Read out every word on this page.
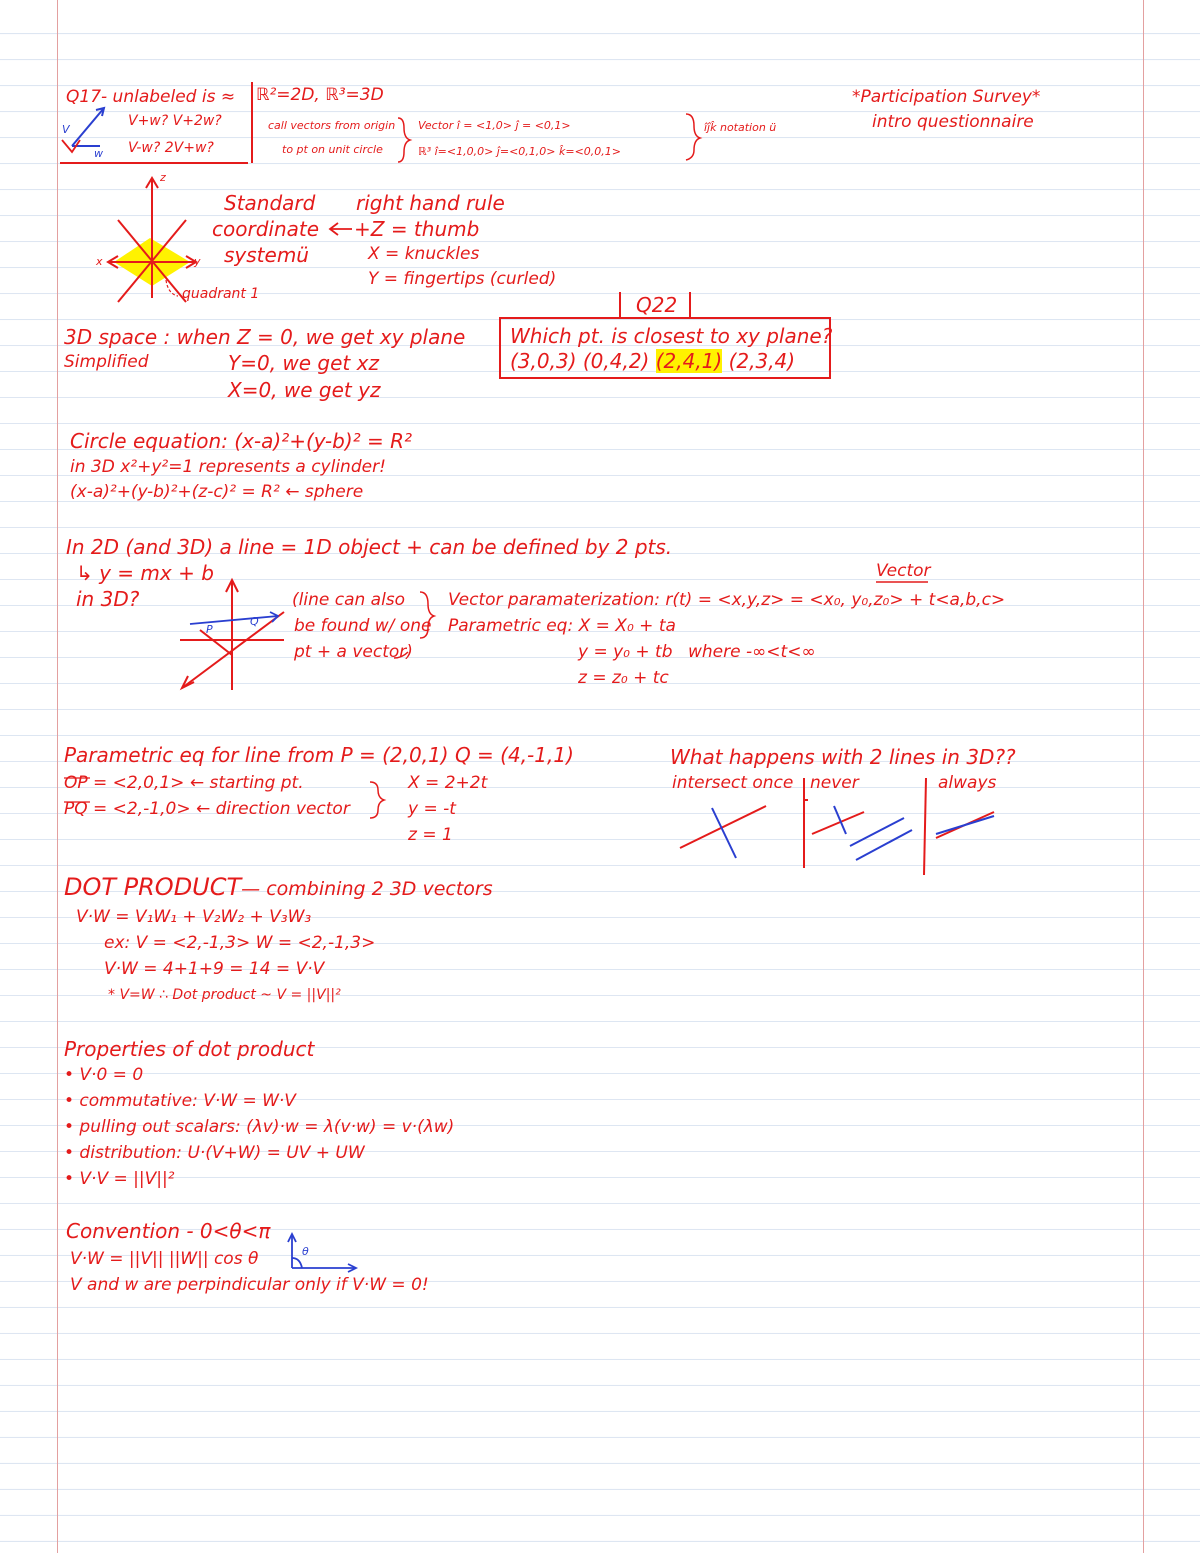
Q17- unlabeled is ≈
V+w? V+2w?
V-w? 2V+w?
V
w
ℝ²=2D, ℝ³=3D
call vectors from origin
to pt on unit circle
Vector î = <1,0> ĵ = <0,1>
ℝ³ î=<1,0,0> ĵ=<0,1,0> k̂=<0,0,1>
îĵk̂ notation ü
*Participation Survey*
intro questionnaire
z
x	y
quadrant 1
Standard
coordinate
systemü
right hand rule
+Z = thumb
X = knuckles
Y = fingertips (curled)
Q22
Which pt. is closest to xy plane?
(3,0,3) (0,4,2) (2,4,1) (2,3,4)
3D space : when Z = 0, we get xy plane
Simplified	Y=0, we get xz
X=0, we get yz
Circle equation: (x-a)²+(y-b)² = R²
in 3D x²+y²=1 represents a cylinder!
(x-a)²+(y-b)²+(z-c)² = R² ← sphere
In 2D (and 3D) a line = 1D object + can be defined by 2 pts.
↳ y = mx + b
in 3D?
P
Q
(line can also
be found w/ one
pt + a vector)
Vector
Vector paramaterization: r(t) = <x,y,z> = <x₀, y₀,z₀> + t<a,b,c>
Parametric eq: X = X₀ + ta
y = y₀ + tb where -∞<t<∞
z = z₀ + tc
Parametric eq for line from P = (2,0,1) Q = (4,-1,1)
OP = <2,0,1> ← starting pt.
PQ = <2,-1,0> ← direction vector
X = 2+2t
y = -t
z = 1
What happens with 2 lines in 3D??
intersect once never	always
DOT PRODUCT— combining 2 3D vectors
V·W = V₁W₁ + V₂W₂ + V₃W₃
ex: V = <2,-1,3> W = <2,-1,3>
V·W = 4+1+9 = 14 = V·V
* V=W ∴ Dot product ~ V = ||V||²
Properties of dot product
• V·0 = 0
• commutative: V·W = W·V
• pulling out scalars: (λv)·w = λ(v·w) = v·(λw)
• distribution: U·(V+W) = UV + UW
• V·V = ||V||²
Convention - 0<θ<π
θ
V·W = ||V|| ||W|| cos θ
V and w are perpindicular only if V·W = 0!
